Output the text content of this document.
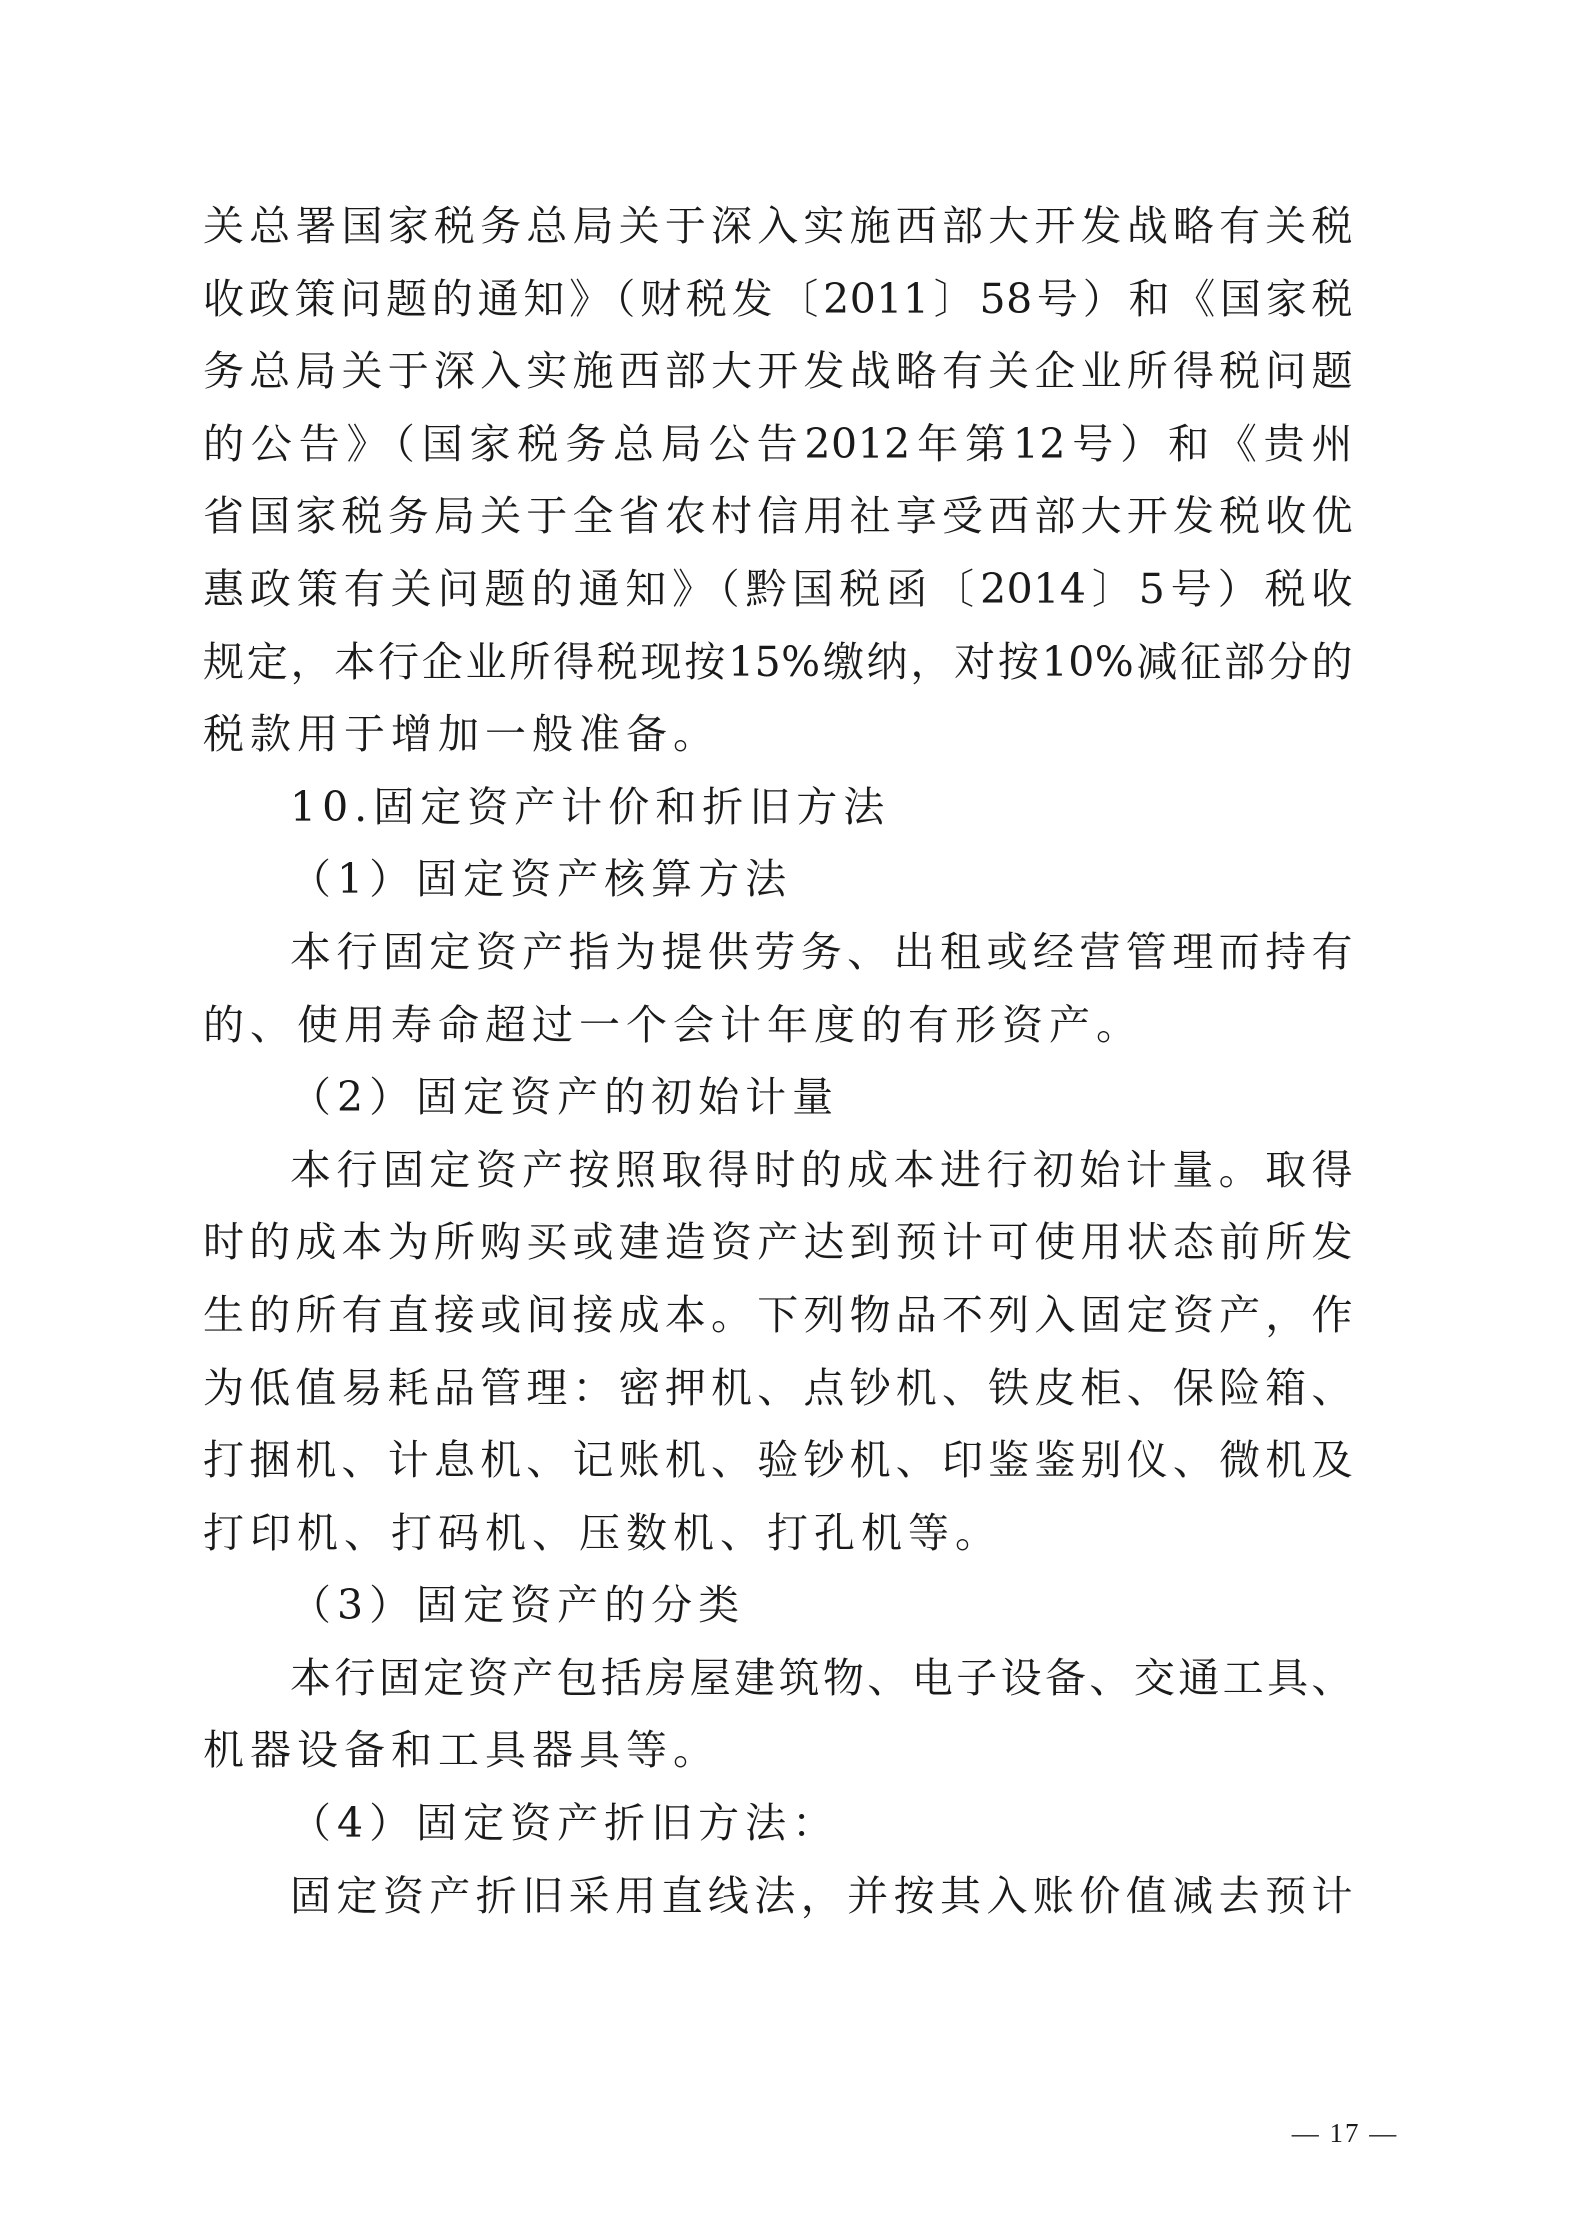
关总署国家税务总局关于深入实施西部大开发战略有关税
收政策问题的通知》（财税发〔2011〕58号）和《国家税
务总局关于深入实施西部大开发战略有关企业所得税问题
的公告》（国家税务总局公告2012年第12号）和《贵州
省国家税务局关于全省农村信用社享受西部大开发税收优
惠政策有关问题的通知》（黔国税函〔2014〕5号）税收
规定，本行企业所得税现按15%缴纳，对按10%减征部分的
税款用于增加一般准备。
10.固定资产计价和折旧方法
（1）固定资产核算方法
本行固定资产指为提供劳务、出租或经营管理而持有
的、使用寿命超过一个会计年度的有形资产。
（2）固定资产的初始计量
本行固定资产按照取得时的成本进行初始计量。取得
时的成本为所购买或建造资产达到预计可使用状态前所发
生的所有直接或间接成本。下列物品不列入固定资产，作
为低值易耗品管理：密押机、点钞机、铁皮柜、保险箱、
打捆机、计息机、记账机、验钞机、印鉴鉴别仪、微机及
打印机、打码机、压数机、打孔机等。
（3）固定资产的分类
本行固定资产包括房屋建筑物、电子设备、交通工具、
机器设备和工具器具等。
（4）固定资产折旧方法：
固定资产折旧采用直线法，并按其入账价值减去预计
— 17 —
